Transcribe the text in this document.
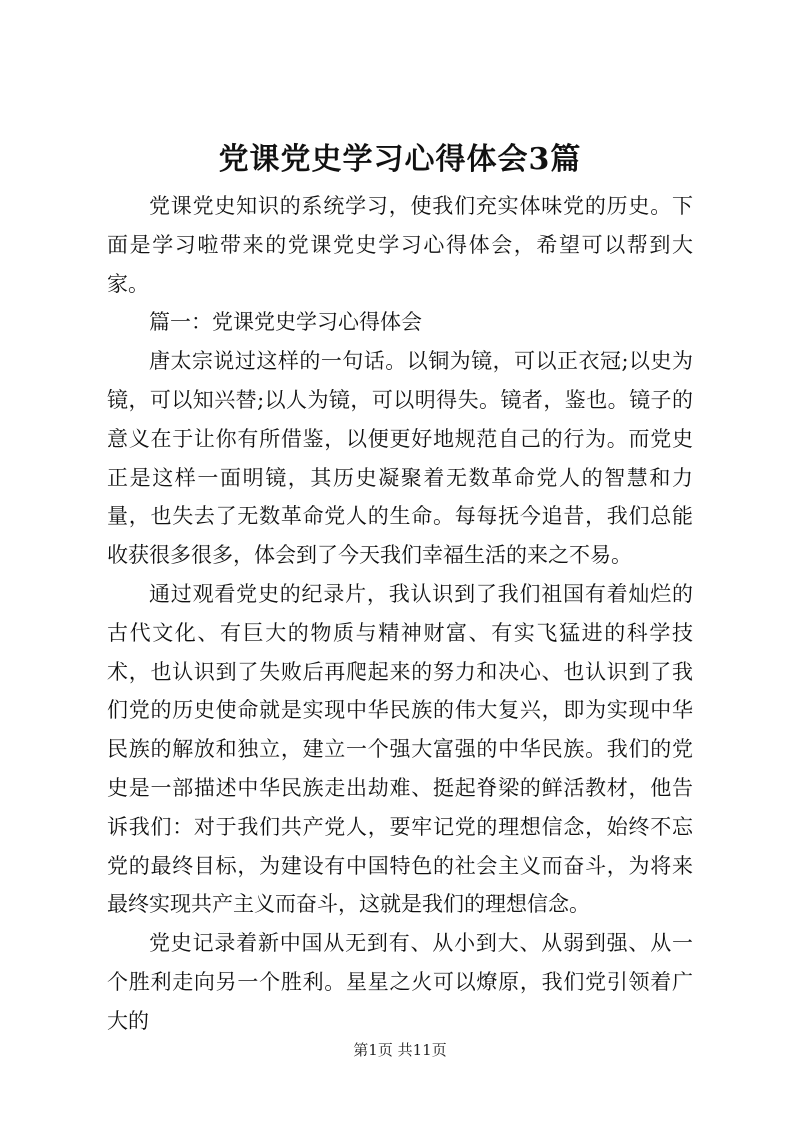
党课党史学习心得体会3篇

党课党史知识的系统学习，使我们充实体味党的历史。下面是学习啦带来的党课党史学习心得体会，希望可以帮到大家。

篇一：党课党史学习心得体会

唐太宗说过这样的一句话。以铜为镜，可以正衣冠;以史为镜，可以知兴替;以人为镜，可以明得失。镜者，鉴也。镜子的意义在于让你有所借鉴，以便更好地规范自己的行为。而党史正是这样一面明镜，其历史凝聚着无数革命党人的智慧和力量，也失去了无数革命党人的生命。每每抚今追昔，我们总能收获很多很多，体会到了今天我们幸福生活的来之不易。

通过观看党史的纪录片，我认识到了我们祖国有着灿烂的古代文化、有巨大的物质与精神财富、有实飞猛进的科学技术，也认识到了失败后再爬起来的努力和决心、也认识到了我们党的历史使命就是实现中华民族的伟大复兴，即为实现中华民族的解放和独立，建立一个强大富强的中华民族。我们的党史是一部描述中华民族走出劫难、挺起脊梁的鲜活教材，他告诉我们：对于我们共产党人，要牢记党的理想信念，始终不忘党的最终目标，为建设有中国特色的社会主义而奋斗，为将来最终实现共产主义而奋斗，这就是我们的理想信念。

党史记录着新中国从无到有、从小到大、从弱到强、从一个胜利走向另一个胜利。星星之火可以燎原，我们党引领着广大的

第1页 共11页
